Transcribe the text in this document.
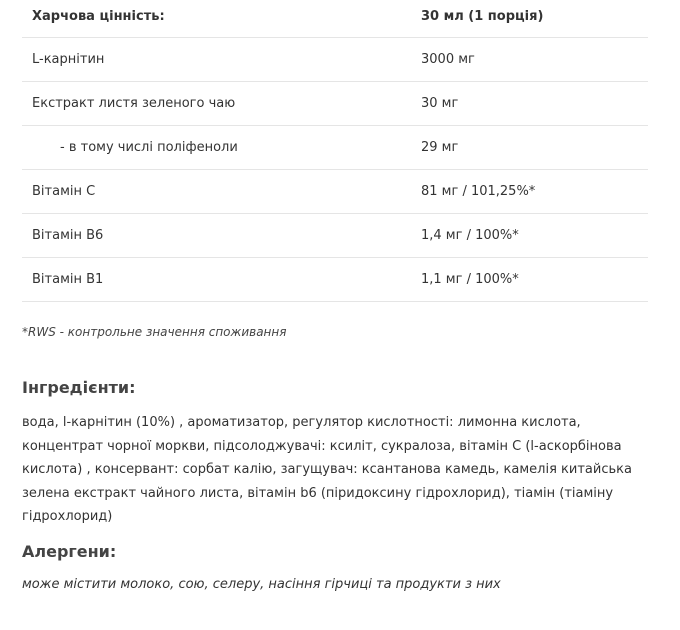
Харчова цінність:	30 мл (1 порція)
L-карнітин	3000 мг
Екстракт листя зеленого чаю	30 мг
- в тому числі поліфеноли	29 мг
Вітамін С	81 мг / 101,25%*
Вітамін В6	1,4 мг / 100%*
Вітамін В1	1,1 мг / 100%*
*RWS - контрольне значення споживання
Інгредієнти:
вода, l-карнітин (10%) , ароматизатор, регулятор кислотності: лимонна кислота, концентрат чорної моркви, підсолоджувачі: ксиліт, сукралоза, вітамін С (l-аскорбінова кислота) , консервант: сорбат калію, загущувач: ксантанова камедь, камелія китайська зелена екстракт чайного листа, вітамін b6 (піридоксину гідрохлорид), тіамін (тіаміну гідрохлорид)
Алергени:
може містити молоко, сою, селеру, насіння гірчиці та продукти з них
